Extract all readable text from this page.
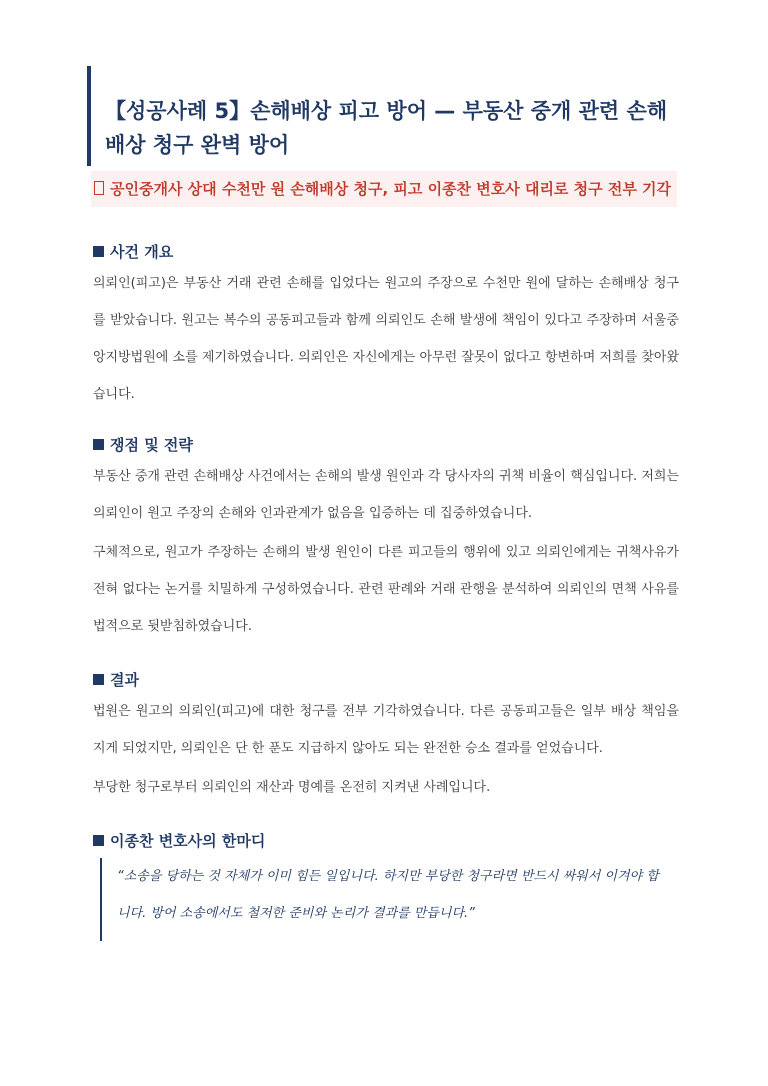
【성공사례 5】손해배상 피고 방어 — 부동산 중개 관련 손해배상 청구 완벽 방어
공인중개사 상대 수천만 원 손해배상 청구, 피고 이종찬 변호사 대리로 청구 전부 기각
사건 개요

의뢰인(피고)은 부동산 거래 관련 손해를 입었다는 원고의 주장으로 수천만 원에 달하는 손해배상 청구를 받았습니다. 원고는 복수의 공동피고들과 함께 의뢰인도 손해 발생에 책임이 있다고 주장하며 서울중앙지방법원에 소를 제기하였습니다. 의뢰인은 자신에게는 아무런 잘못이 없다고 항변하며 저희를 찾아왔습니다.

쟁점 및 전략

부동산 중개 관련 손해배상 사건에서는 손해의 발생 원인과 각 당사자의 귀책 비율이 핵심입니다. 저희는 의뢰인이 원고 주장의 손해와 인과관계가 없음을 입증하는 데 집중하였습니다.

구체적으로, 원고가 주장하는 손해의 발생 원인이 다른 피고들의 행위에 있고 의뢰인에게는 귀책사유가 전혀 없다는 논거를 치밀하게 구성하였습니다. 관련 판례와 거래 관행을 분석하여 의뢰인의 면책 사유를 법적으로 뒷받침하였습니다.

결과

법원은 원고의 의뢰인(피고)에 대한 청구를 전부 기각하였습니다. 다른 공동피고들은 일부 배상 책임을 지게 되었지만, 의뢰인은 단 한 푼도 지급하지 않아도 되는 완전한 승소 결과를 얻었습니다.

부당한 청구로부터 의뢰인의 재산과 명예를 온전히 지켜낸 사례입니다.

이종찬 변호사의 한마디
“소송을 당하는 것 자체가 이미 힘든 일입니다. 하지만 부당한 청구라면 반드시 싸워서 이겨야 합니다. 방어 소송에서도 철저한 준비와 논리가 결과를 만듭니다.”
